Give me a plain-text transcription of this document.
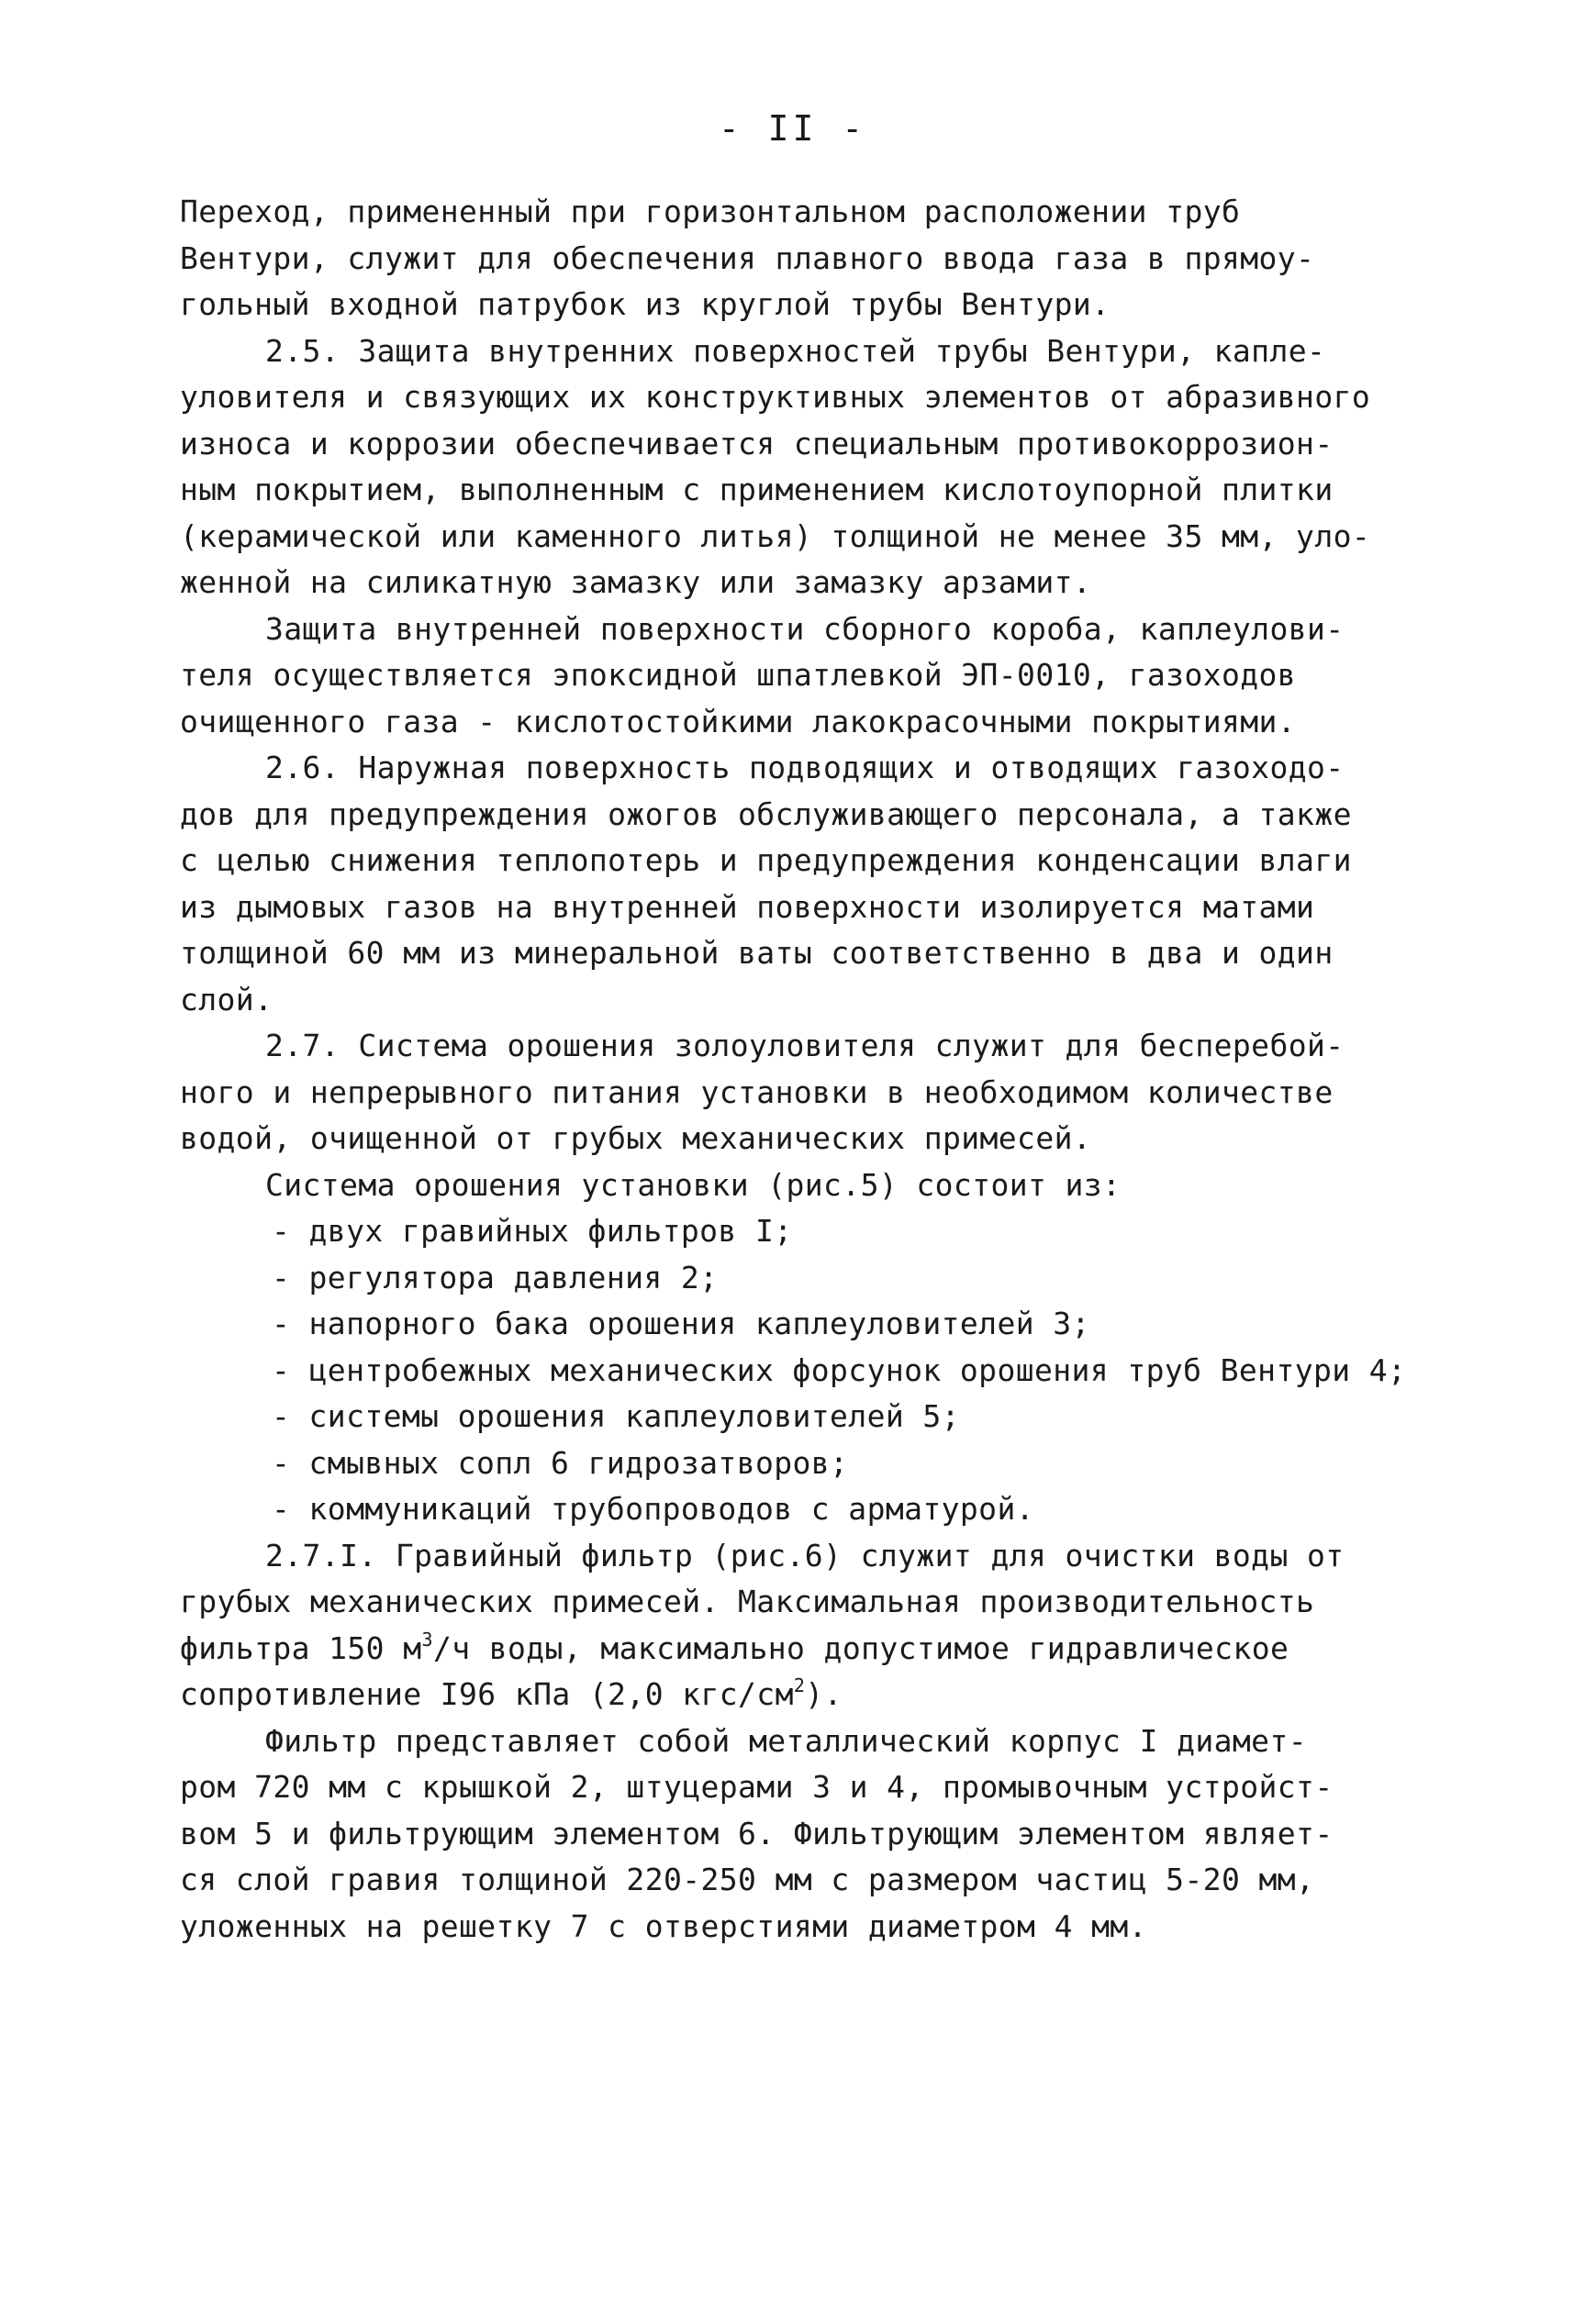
- II -
Переход, примененный при горизонтальном расположении труб
Вентури, служит для обеспечения плавного ввода газа в прямоу-
гольный входной патрубок из круглой трубы Вентури.
2.5. Защита внутренних поверхностей трубы Вентури, капле-
уловителя и связующих их конструктивных элементов от абразивного
износа и коррозии обеспечивается специальным противокоррозион-
ным покрытием, выполненным с применением кислотоупорной плитки
(керамической или каменного литья) толщиной не менее 35 мм, уло-
женной на силикатную замазку или замазку арзамит.
Защита внутренней поверхности сборного короба, каплеулови-
теля осуществляется эпоксидной шпатлевкой ЭП-0010, газоходов
очищенного газа - кислотостойкими лакокрасочными покрытиями.
2.6. Наружная поверхность подводящих и отводящих газоходо-
дов для предупреждения ожогов обслуживающего персонала, а также
с целью снижения теплопотерь и предупреждения конденсации влаги
из дымовых газов на внутренней поверхности изолируется матами
толщиной 60 мм из минеральной ваты соответственно в два и один
слой.
2.7. Система орошения золоуловителя служит для бесперебой-
ного и непрерывного питания установки в необходимом количестве
водой, очищенной от грубых механических примесей.
Система орошения установки (рис.5) состоит из:
- двух гравийных фильтров I;
- регулятора давления 2;
- напорного бака орошения каплеуловителей 3;
- центробежных механических форсунок орошения труб Вентури 4;
- системы орошения каплеуловителей 5;
- смывных сопл 6 гидрозатворов;
- коммуникаций трубопроводов с арматурой.
2.7.I. Гравийный фильтр (рис.6) служит для очистки воды от
грубых механических примесей. Максимальная производительность
фильтра 150 $м^3/ч$ воды, максимально допустимое гидравлическое
сопротивление I96 кПа (2,0 кгс/$см^2$).
Фильтр представляет собой металлический корпус I диамет-
ром 720 мм с крышкой 2, штуцерами 3 и 4, промывочным устройст-
вом 5 и фильтрующим элементом 6. Фильтрующим элементом являет-
ся слой гравия толщиной 220-250 мм с размером частиц 5-20 мм,
уложенных на решетку 7 с отверстиями диаметром 4 мм.
